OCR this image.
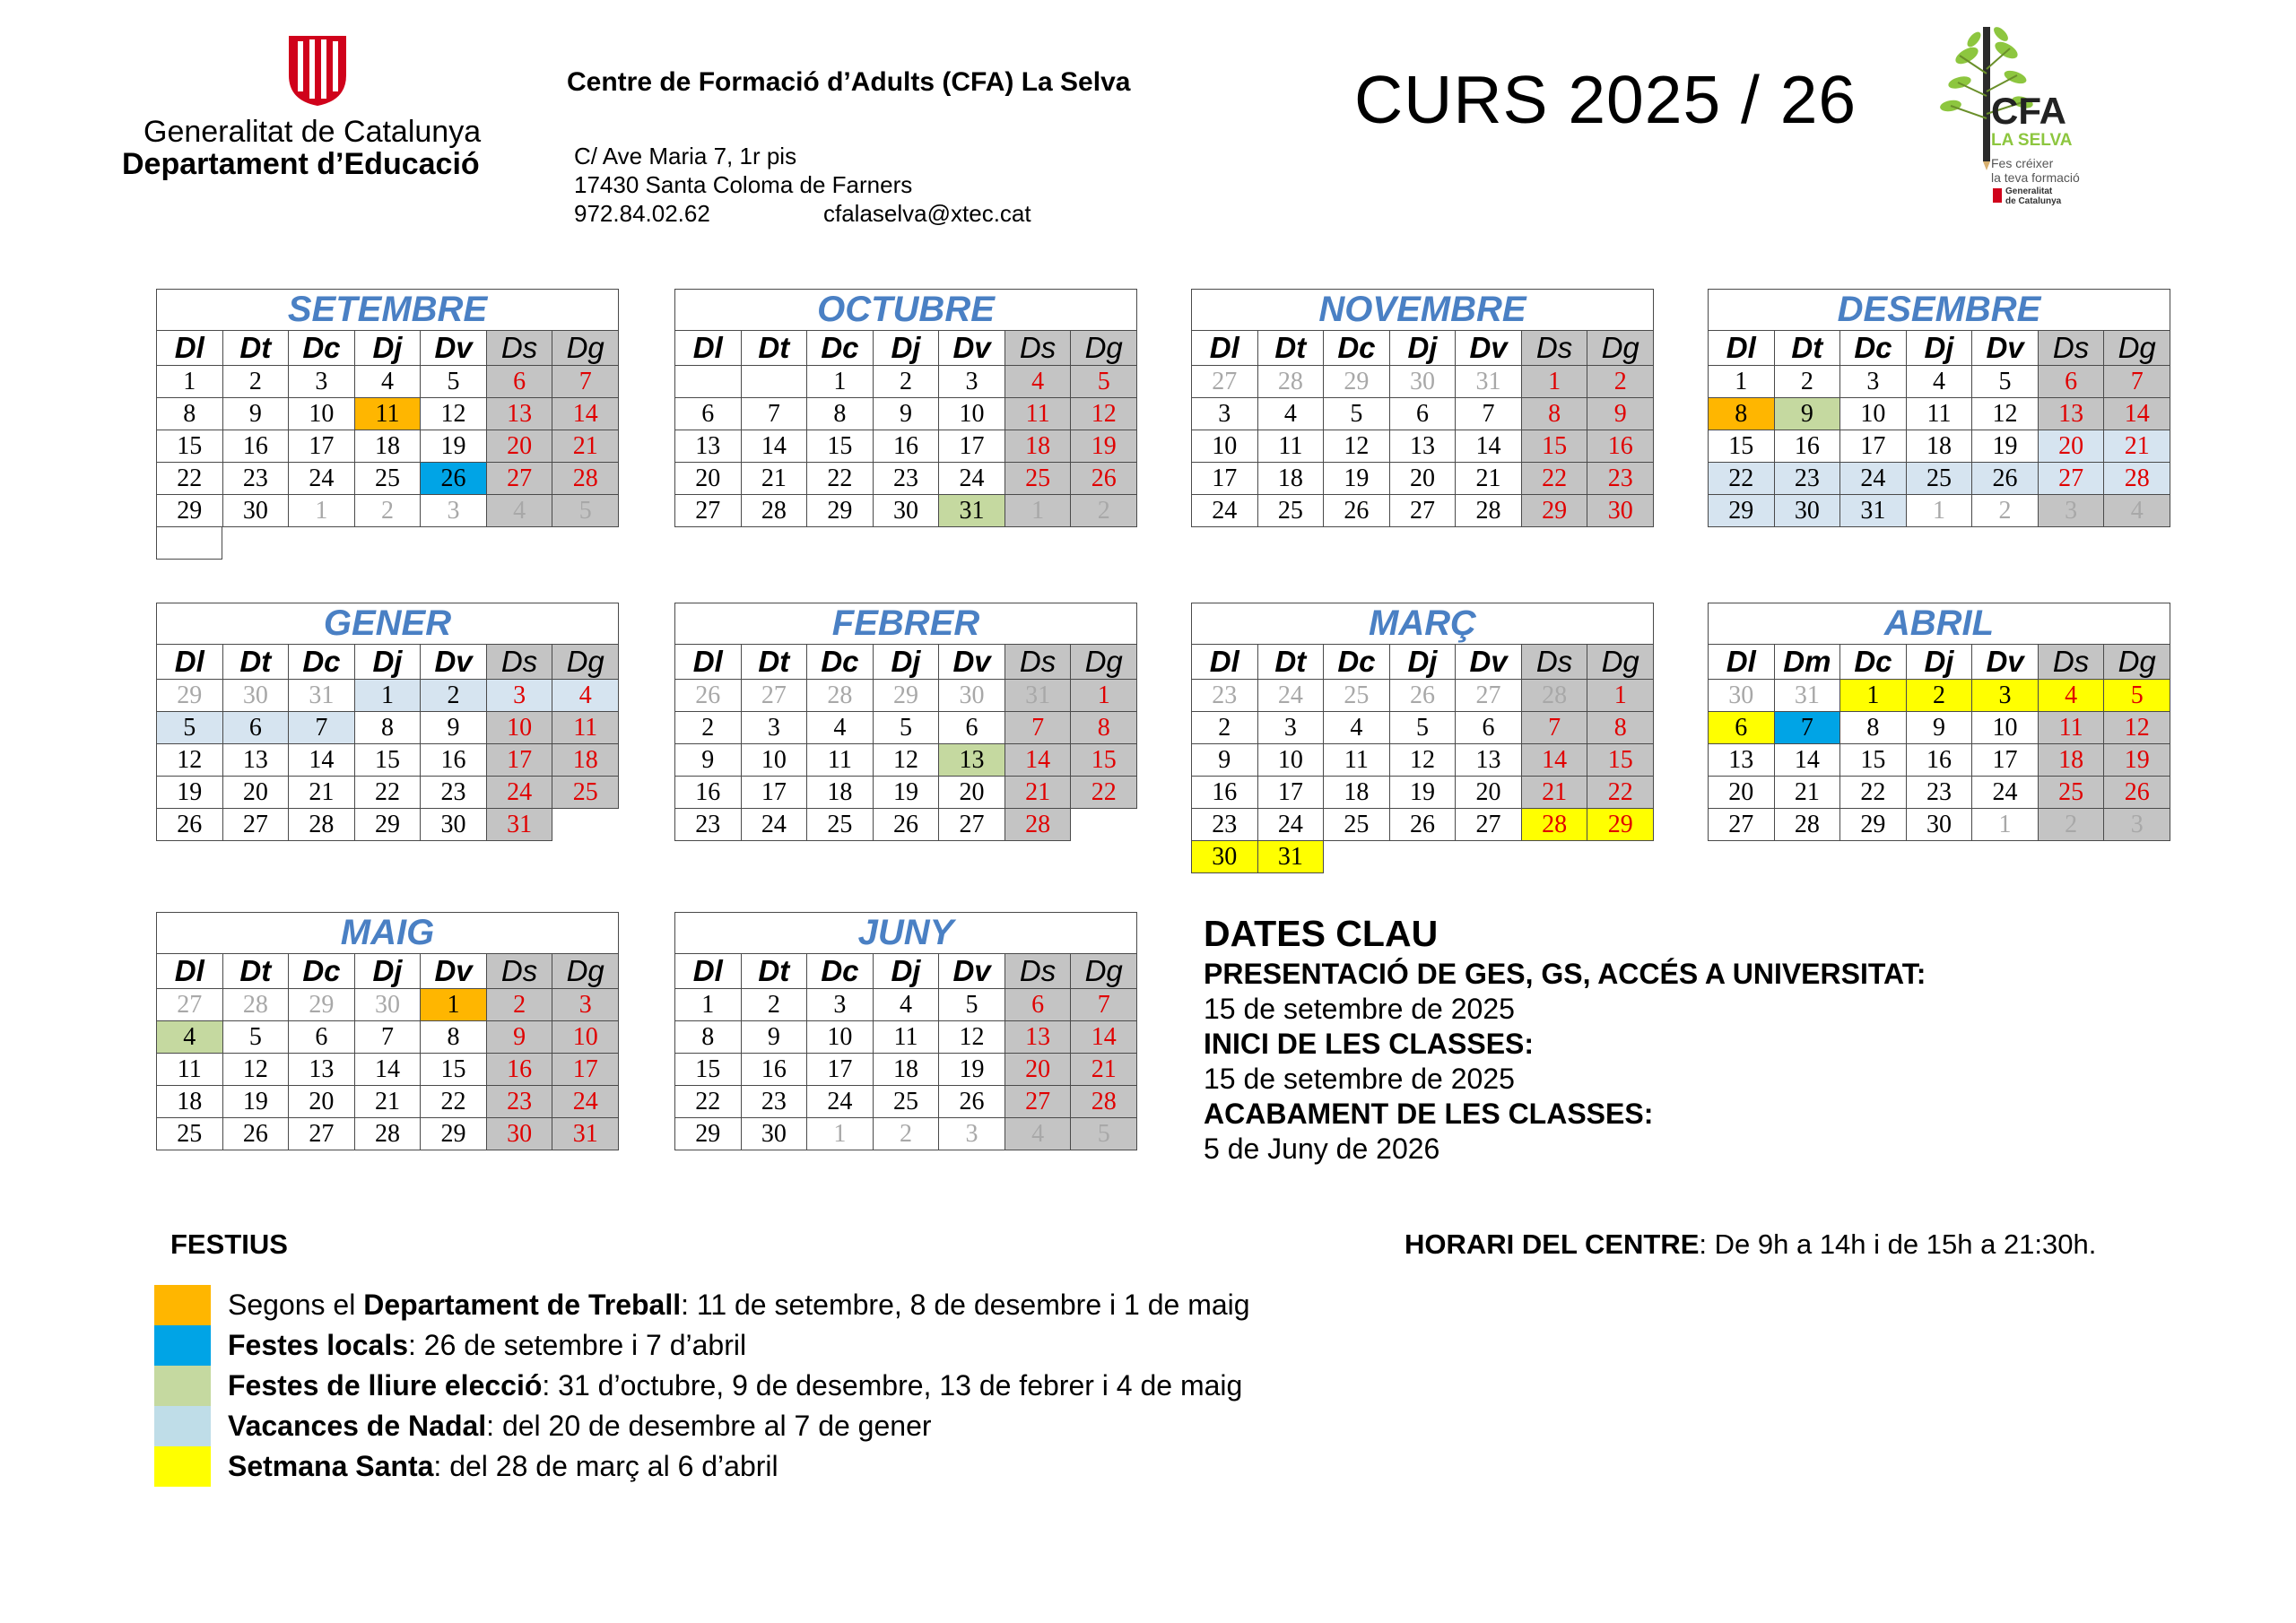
Generalitat de Catalunya
Departament d’Educació
Centre de Formació d’Adults (CFA) La Selva
C/ Ave Maria 7, 1r pis
17430 Santa Coloma de Farners
972.84.02.62	cfalaselva@xtec.cat
CURS 2025 / 26	CFA
LA SELVA
Fes créixer
la teva formació
Generalitat
de Catalunya
SETEMBRE						
Dl	Dt	Dc	Dj	Dv	Ds	Dg
1	2	3	4	5	6	7
8	9	10	11	12	13	14
15	16	17	18	19	20	21
22	23	24	25	26	27	28
29	30	1	2	3	4	5
OCTUBRE						
Dl	Dt	Dc	Dj	Dv	Ds	Dg
		1	2	3	4	5
6	7	8	9	10	11	12
13	14	15	16	17	18	19
20	21	22	23	24	25	26
27	28	29	30	31	1	2
NOVEMBRE						
Dl	Dt	Dc	Dj	Dv	Ds	Dg
27	28	29	30	31	1	2
3	4	5	6	7	8	9
10	11	12	13	14	15	16
17	18	19	20	21	22	23
24	25	26	27	28	29	30
DESEMBRE						
Dl	Dt	Dc	Dj	Dv	Ds	Dg
1	2	3	4	5	6	7
8	9	10	11	12	13	14
15	16	17	18	19	20	21
22	23	24	25	26	27	28
29	30	31	1	2	3	4
GENER						
Dl	Dt	Dc	Dj	Dv	Ds	Dg
29	30	31	1	2	3	4
5	6	7	8	9	10	11
12	13	14	15	16	17	18
19	20	21	22	23	24	25
26	27	28	29	30	31	
FEBRER						
Dl	Dt	Dc	Dj	Dv	Ds	Dg
26	27	28	29	30	31	1
2	3	4	5	6	7	8
9	10	11	12	13	14	15
16	17	18	19	20	21	22
23	24	25	26	27	28	
MARÇ						
Dl	Dt	Dc	Dj	Dv	Ds	Dg
23	24	25	26	27	28	1
2	3	4	5	6	7	8
9	10	11	12	13	14	15
16	17	18	19	20	21	22
23	24	25	26	27	28	29
30	31					
ABRIL						
Dl	Dm	Dc	Dj	Dv	Ds	Dg
30	31	1	2	3	4	5
6	7	8	9	10	11	12
13	14	15	16	17	18	19
20	21	22	23	24	25	26
27	28	29	30	1	2	3
MAIG						
Dl	Dt	Dc	Dj	Dv	Ds	Dg
27	28	29	30	1	2	3
4	5	6	7	8	9	10
11	12	13	14	15	16	17
18	19	20	21	22	23	24
25	26	27	28	29	30	31
JUNY						
Dl	Dt	Dc	Dj	Dv	Ds	Dg
1	2	3	4	5	6	7
8	9	10	11	12	13	14
15	16	17	18	19	20	21
22	23	24	25	26	27	28
29	30	1	2	3	4	5
DATES CLAU
PRESENTACIÓ DE GES, GS, ACCÉS A UNIVERSITAT:
15 de setembre de 2025
INICI DE LES CLASSES:
15 de setembre de 2025
ACABAMENT DE LES CLASSES:
5 de Juny de 2026
FESTIUS	HORARI DEL CENTRE: De 9h a 14h i de 15h a 21:30h.
Segons el Departament de Treball: 11 de setembre, 8 de desembre i 1 de maig
Festes locals: 26 de setembre i 7 d’abril
Festes de lliure elecció: 31 d’octubre, 9 de desembre, 13 de febrer i 4 de maig
Vacances de Nadal: del 20 de desembre al 7 de gener
Setmana Santa: del 28 de març al 6 d’abril
